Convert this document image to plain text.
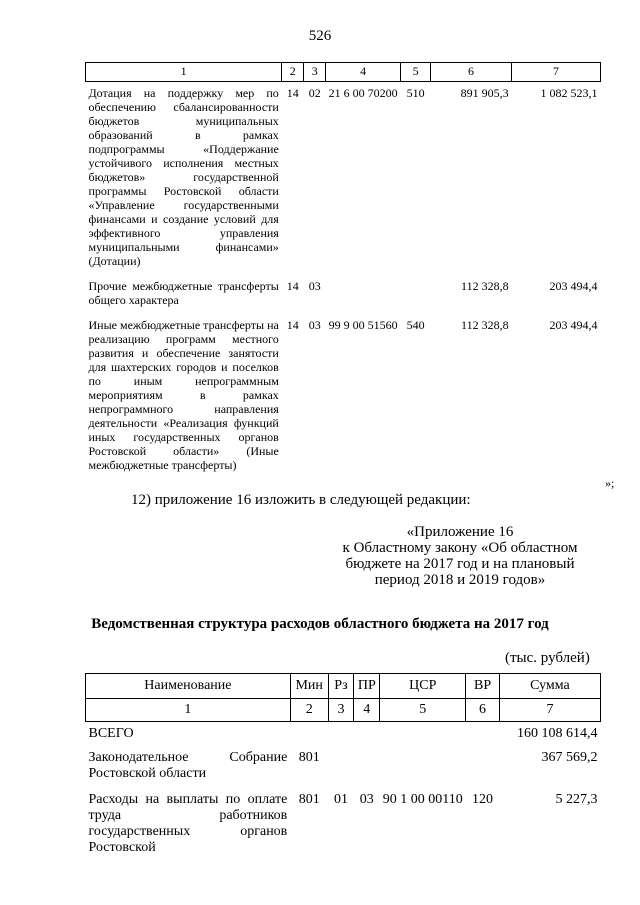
526
1	2	3	4	5	6	7
Дотация на поддержку мер по обеспечению сбалансированности бюджетов муниципальных образований в рамках подпрограммы «Поддержание устойчивого исполнения местных бюджетов» государственной программы Ростовской области «Управление государственными финансами и создание условий для эффективного управления муниципальными финансами» (Дотации)	14	02	21 6 00 70200	510	891 905,3	1 082 523,1
Прочие межбюджетные трансферты общего характера	14	03			112 328,8	203 494,4
Иные межбюджетные трансферты на реализацию программ местного развития и обеспечение занятости для шахтерских городов и поселков по иным непрограммным мероприятиям в рамках непрограммного направления деятельности «Реализация функций иных государственных органов Ростовской области» (Иные межбюджетные трансферты)	14	03	99 9 00 51560	540	112 328,8	203 494,4
»;
12) приложение 16 изложить в следующей редакции:
«Приложение 16
к Областному закону «Об областном
бюджете на 2017 год и на плановый
период 2018 и 2019 годов»
Ведомственная структура расходов областного бюджета на 2017 год
(тыс. рублей)
Наименование	Мин	Рз	ПР	ЦСР	ВР	Сумма
1	2	3	4	5	6	7
ВСЕГО						160 108 614,4
Законодательное Собрание Ростовской области	801					367 569,2
Расходы на выплаты по оплате труда работников государственных органов Ростовской	801	01	03	90 1 00 00110	120	5 227,3
